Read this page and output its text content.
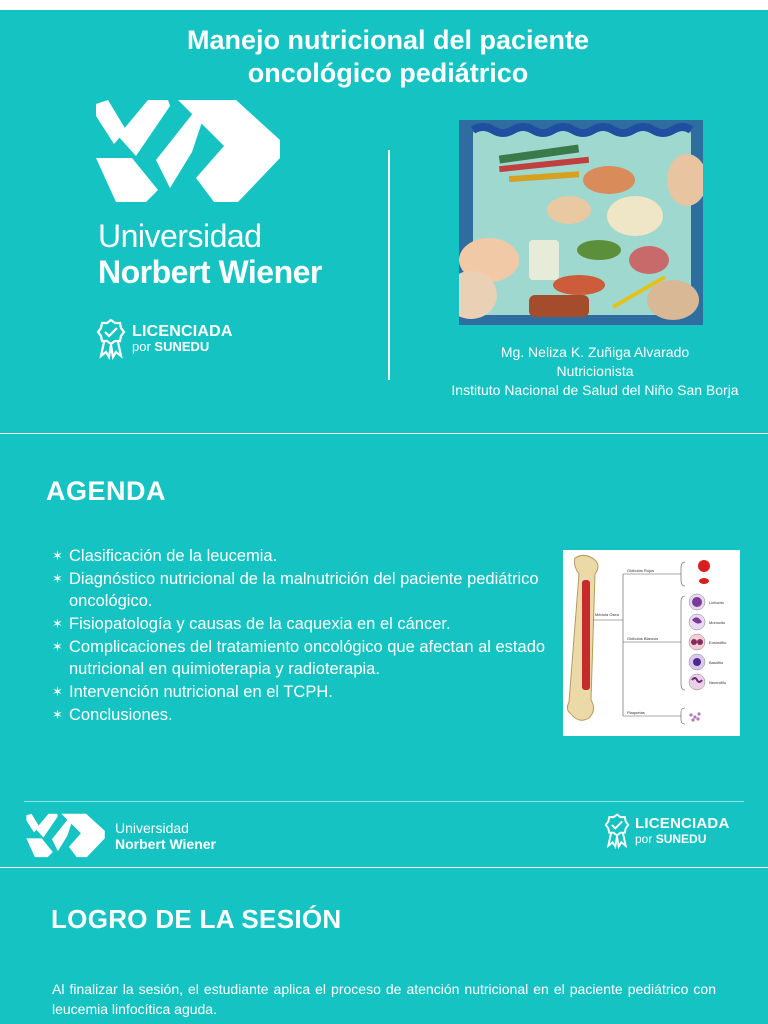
Manejo nutricional del paciente
oncológico pediátrico
Universidad
Norbert Wiener
LICENCIADA
por SUNEDU	Mg. Neliza K. Zuñiga Alvarado
Nutricionista
Instituto Nacional de Salud del Niño San Borja
AGENDA
✶ Clasificación de la leucemia.
✶ Diagnóstico nutricional de la malnutrición del paciente pediátrico oncológico.
✶ Fisiopatología y causas de la caquexia en el cáncer.
✶ Complicaciones del tratamiento oncológico que afectan al estado nutricional en quimioterapia y radioterapia.
✶ Intervención nutricional en el TCPH.
✶ Conclusiones.
Médula Ósea
Glóbulos Rojos
Glóbulos Blancos
Plaquetas
Linfocito
Monocito
Eosinófilo
Basófilo
Neutrófilo
Universidad
Norbert Wiener
LICENCIADA
por SUNEDU
LOGRO DE LA SESIÓN

Al finalizar la sesión, el estudiante aplica el proceso de atención nutricional en el paciente pediátrico con leucemia linfocítica aguda.
